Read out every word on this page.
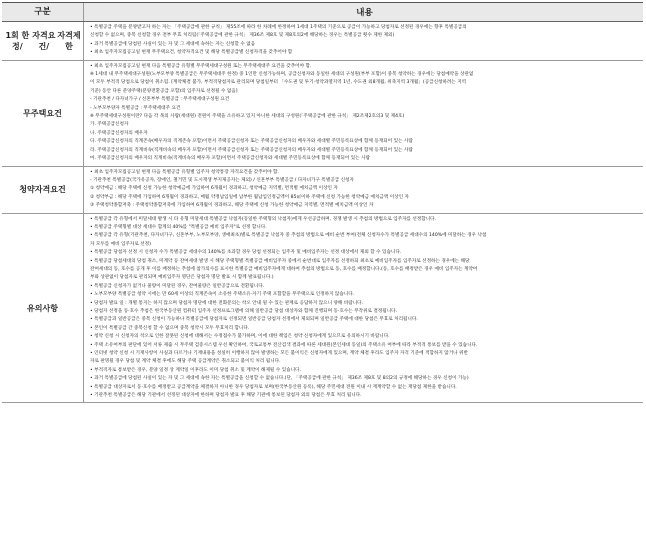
구분	내용
1회 한정/

자격요건/

자격제한
• 특별공급 주택을 분양받고자 하는 자는 「주택공급에 관한 규칙」 제55조에 따라 한 차례에 한정하여 1세대 1주택의 기준으로 공급이 가능하고 당첨자로 선정된 경우에는 향후 특별공급의
신청할 수 없으며, 중복 신청할 경우 전부 무효 처리됨(「주택공급에 관한 규칙」 제36조 제8호 및 제8호의2에 해당하는 경우는 특별공급 횟수 제한 제외)
• 과거 특별공급에 당첨된 사실이 있는 자 및 그 세대에 속하는 자는 신청할 수 없음
• 최초 입주자모집공고일 현재 무주택요건, 청약자격요건 및 해당 특별공급별 신청자격을 갖추어야 함
무주택 요건
• 최초 입주자모집공고일 현재 다음 특별공급 유형별 무주택세대구성원 또는 무주택세대주 요건을 갖추어야 함.
※ 1세대 내 무주택세대구성원(노부모부양 특별공급은 무주택세대주 한정) 중 1인만 신청가능하며, 공급신청자와 동일한 세대의 구성원(부부 포함)이 중복 청약하는 경우에는 당첨예약을 상관없
이 모두 부적격 당첨으로 당첨이 취소됨. [계약체결 불가, 부적격당첨자로 관리되며 당첨일부터 「수도권 및 투기·청약과열지역 1년, 수도권 외8개월, 위축지역 3개월」(공급신청하려는 지역
기준) 동안 다른 분양주택(분양전환공급 포함)의 입주자로 선정될 수 없음]
- 기관추천 / 다자녀가구 / 신혼부부 특별공급 : 무주택세대구성원 요건
- 노부모부양자 특별공급 : 무주택세대주 요건
※ 무주택세대구성원이란? 다음 각 목의 사람(세대원) 전원이 주택을 소유하고 있지 아니한 세대의 구성원(「주택공급에 관한 규칙」 제2조제2호의3 및 제4호)
가. 주택공급신청자
나. 주택공급신청자의 배우자
다. 주택공급신청자의 직계존속(배우자의 직계존속 포함)이면서 주택공급신청자 또는 주택공급신청자의 배우자와 세대별 주민등록표상에 함께 등재되어 있는 사람
라. 주택공급신청자의 직계비속(직계비속의 배우자 포함)이면서 주택공급신청자 또는 주택공급신청자의 배우자와 세대별 주민등록표상에 함께 등재되어 있는 사람
마. 주택공급신청자의 배우자의 직계비속(직계비속의 배우자 포함)이면서 주택공급신청자와 세대별 주민등록표상에 함께 등재되어 있는 사람
청약자격 요건
• 최초 입주자모집공고일 현재 다음 특별공급 유형별 입주자 청약통장 자격요건을 갖추어야 함.
- 기관추천 특별공급(국가유공자, 장애인, 철거민 및 도시재생 부지제공자는 제외) / 신혼부부 특별공급 / 다자녀가구 특별공급 신청자
① 청약예금 : 해당 주택에 신청 가능한 청약예금에 가입하여 6개월이 경과하고, 청약예금 지역별, 면적별 예치금액 이상인 자
② 청약부금 : 해당 주택에 가입하여 6개월이 경과하고, 매월 약정납입일에 납부한 월납입인정금액이 85㎡이하 주택에 신청 가능한 청약예금 예치금액 이상인 자
③ 주택청약종합저축 : 주택청약종합저축에 가입하여 6개월이 경과하고, 해당 주택에 신청 가능한 청약예금 지역별, 면적별 예치금액 이상인 자
유의사항
• 특별공급 각 유형에서 미달세대 발생 시 타 유형 미달세대 특별공급 낙첨자(동일한 주택형의 낙첨자)에게 우선공급하며, 경쟁 발생 시 추첨의 방법으로 입주자를 선정합니다.
• 특별공급 주택형별 대상 세대수 합계의 40%를 "특별공급 예비 입주자"로 선정 합니다.
• 특별공급 각 유형(기관추천, 다자녀가구, 신혼부부, 노부모부양, 생애최초)별로 특별공급 낙첨자 중 추첨의 방법으로 예비 순번 부여(전체 신청자수가 특별공급 세대수의 140%에 미달하는 경우 낙첨
자 모두를 예비 입주자로 선정)
• 특별공급 당첨자 선정 시 신청자 수가 특별공급 세대수의 140%를 초과할 경우 당첨 선정되는 입주자 및 예비입주자는 선정 대상에서 제외 할 수 있습니다.
• 특별공급 당첨세대의 당첨 취소, 미계약 등 잔여세대 발생 시 해당 주택형별 특별공급 예비입주자 중에서 순번대로 입주자를 선정하되 최초로 예비입주자를 입주자로 선정하는 경우에는 해당
잔여세대의 동, 호수를 공개 후 이를 배정하는 추첨에 참가의사를 표시한 특별공급 예비입주자에게 대하여 추첨의 방법으로 동, 호수를 배정합니다.(동, 호수를 배정받은 경우 예비 입주자는 계약여
부와 상관없이 당첨자로 관리되며 예비입주자 명단은 당첨자 명단 발표 시 함께 발표됩니다.)
• 특별공급 신청자가 없거나 물량이 미달된 경우, 잔여물량은 일반공급으로 전환됩니다.
• 노부모부양 특별공급 청약 시에는 만 60세 이상의 직계존속이 소유한 주택소유·자기 주택 포함할을 무주택으로 인정하지 않습니다.
• 당첨자 발표 일 : 개별 통지는 하지 않으며 당첨자 명단에 대한 전화문의는 착오 안내 될 수 있는 관계로 응답하지 않으니 양해 바랍니다.
• 당첨자 선정을 동·호수 추첨은 한국부동산원 컴퓨터 입주자 선정프로그램에 의해 일반공급 당첨 대상자와 함께 진행되며 동·호수는 무작위로 결정됩니다.
• 특별공급과 일반공급은 중복 신청이 가능하나 특별공급에 당첨자로 선정되면 일반공급 당첨자 선정에서 제외되며 일반공급 주택에 대한 당첨은 무효로 처리됩니다.
• 본인이 특별공급 간 중복신청 할 수 없으며 중복 청약시 모두 무효처리 합니다.
• 청약 신청 시 신청자의 착오로 인한 잘못된 신청에 대해서는 수정접수가 불가하며, 이에 대한 책임은 청약 신청자에게 있으므로 유의하시기 바랍니다.
• 주택 소유여부의 판단에 있어 서류 제출 시 무주택 검증시스템 우선 확인하여, 국토교통부 전산검색 결과에 따른 세대원(본인세대 동일)의 주택소유 여부에 따라 부적격 통보를 받을 수 있습니다.
• 인터넷 청약 신청 시 기재사항이 사실과 다르거나 기재내용을 성실히 이행하지 않아 발생하는 모든 불이익은 신청자에게 있으며, 계약 체결 후라도 입주자 자격 기준에 적합하지 않거나 위반
자로 판명될 경우 당첨 및 계약 체결 후에도 해당 주택 공급계약은 취소되고 불이익 처리 됩니다.
• 부적격자로 통보받은 경우, 분양 일정 상 계약일 이후라도 이미 당첨 취소 및 계약이 해제될 수 있습니다.
• 과거 특별공급에 당첨된 사실이 있는 자 및 그 세대에 속한 자는 특별공급을 신청할 수 없습니다.(단, 「주택공급에 관한 규칙」 제36조 제8호 및 8의2의 규정에 해당하는 경우 신청이 가능)
• 특별공급 대상자로서 동·호수를 배정받고 공급계약을 체결하지 아니한 경우 당첨자로 보며(한국부동산원 등록), 해당 주민세대 전원 이내 시 재계약할 수 없는 재당첨 제한을 받습니다.
• 기관추천 특별공급은 해당 기관에서 선정된 대상자에 한하며 당첨자 발표 후 해당 기관에 통보된 당첨자 외의 당첨은 무효 처리 됩니다.
